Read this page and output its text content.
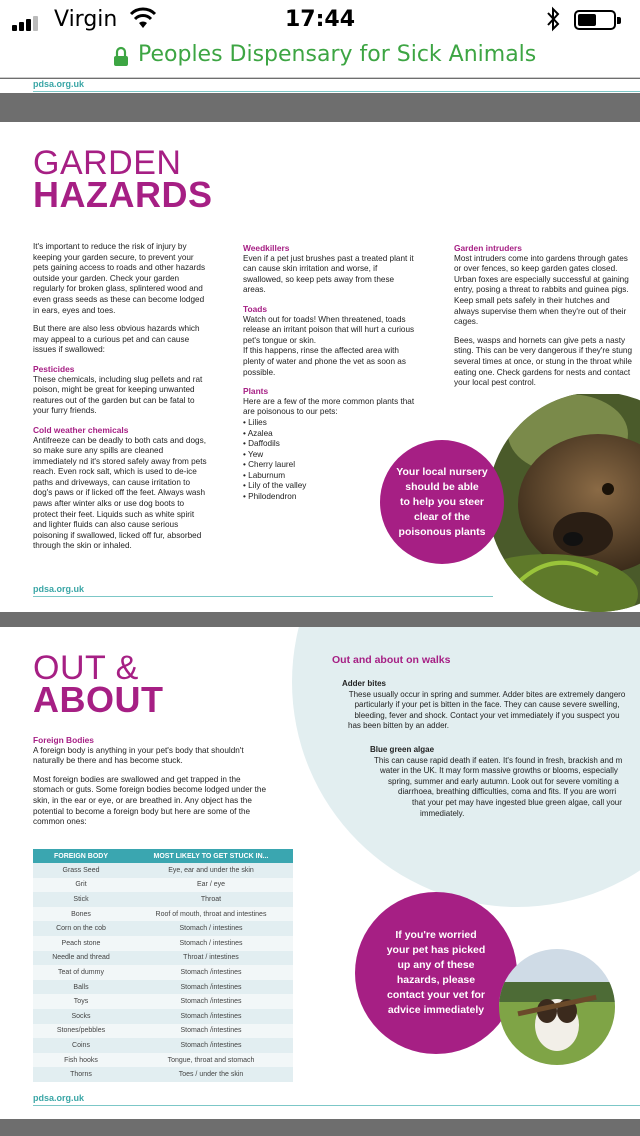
Virgin	17:44
Peoples Dispensary for Sick Animals
pdsa.org.uk
GARDEN
HAZARDS

It's important to reduce the risk of injury by keeping your garden secure, to prevent your pets gaining access to roads and other hazards outside your garden. Check your garden regularly for broken glass, splintered wood and even grass seeds as these can become lodged in ears, eyes and toes.

But there are also less obvious hazards which may appeal to a curious pet and can cause issues if swallowed:

Pesticides

These chemicals, including slug pellets and rat poison, might be great for keeping unwanted reatures out of the garden but can be fatal to your furry friends.

Cold weather chemicals

Antifreeze can be deadly to both cats and dogs, so make sure any spills are cleaned immediately nd it's stored safely away from pets reach. Even rock salt, which is used to de-ice paths and driveways, can cause irritation to dog's paws or if licked off the feet. Always wash paws after winter alks or use dog boots to protect their feet. Liquids such as white spirit and lighter fluids can also cause serious poisoning if swallowed, licked off fur, absorbed through the skin or inhaled.

Weedkillers

Even if a pet just brushes past a treated plant it can cause skin irritation and worse, if swallowed, so keep pets away from these areas.

Toads

Watch out for toads! When threatened, toads release an irritant poison that will hurt a curious pet's tongue or skin.

If this happens, rinse the affected area with plenty of water and phone the vet as soon as possible.

Plants

Here are a few of the more common plants that are poisonous to our pets:

• Lilies
• Azalea
• Daffodils
• Yew
• Cherry laurel
• Laburnum
• Lily of the valley
• Philodendron
Garden intruders

Most intruders come into gardens through gates or over fences, so keep garden gates closed. Urban foxes are especially successful at gaining entry, posing a threat to rabbits and guinea pigs. Keep small pets safely in their hutches and always supervise them when they're out of their cages.

Bees, wasps and hornets can give pets a nasty sting. This can be very dangerous if they're stung several times at once, or stung in the throat while eating one. Check gardens for nests and contact your local pest control.

Your local nursery
should be able
to help you steer
clear of the
poisonous plants
pdsa.org.uk
OUT &
ABOUT
Foreign Bodies

A foreign body is anything in your pet's body that shouldn't naturally be there and has become stuck.

Most foreign bodies are swallowed and get trapped in the stomach or guts. Some foreign bodies become lodged under the skin, in the ear or eye, or are breathed in. Any object has the potential to become a foreign body but here are some of the common ones:

FOREIGN BODY	MOST LIKELY TO GET STUCK IN...
Grass Seed	Eye, ear and under the skin
Grit	Ear / eye
Stick	Throat
Bones	Roof of mouth, throat and intestines
Corn on the cob	Stomach / intestines
Peach stone	Stomach / intestines
Needle and thread	Throat / intestines
Teat of dummy	Stomach /intestines
Balls	Stomach /intestines
Toys	Stomach /intestines
Socks	Stomach /intestines
Stones/pebbles	Stomach /intestines
Coins	Stomach /intestines
Fish hooks	Tongue, throat and stomach
Thorns	Toes / under the skin
Out and about on walks
Adder bites
These usually occur in spring and summer. Adder bites are extremely dangero
particularly if your pet is bitten in the face. They can cause severe swelling,
bleeding, fever and shock. Contact your vet immediately if you suspect you
has been bitten by an adder.
Blue green algae
This can cause rapid death if eaten. It's found in fresh, brackish and m
water in the UK. It may form massive growths or blooms, especially
spring, summer and early autumn. Look out for severe vomiting a
diarrhoea, breathing difficulties, coma and fits. If you are worri
that your pet may have ingested blue green algae, call your
immediately.
If you're worried
your pet has picked
up any of these
hazards, please
contact your vet for
advice immediately
pdsa.org.uk
